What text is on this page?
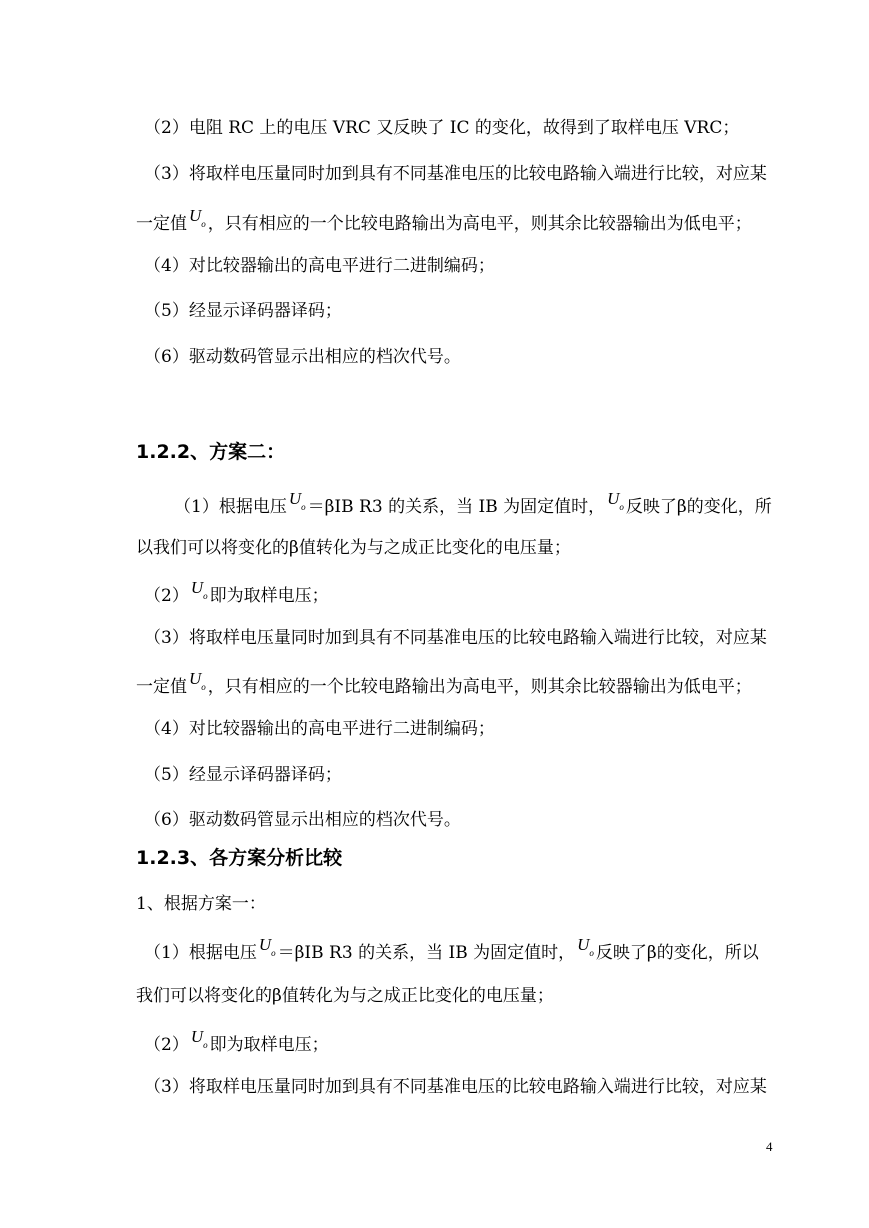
（2）电阻 RC 上的电压 VRC 又反映了 IC 的变化，故得到了取样电压 VRC；
（3）将取样电压量同时加到具有不同基准电压的比较电路输入端进行比较，对应某
一定值 $U_o$ ，只有相应的一个比较电路输出为高电平，则其余比较器输出为低电平；
（4）对比较器输出的高电平进行二进制编码；
（5）经显示译码器译码；
（6）驱动数码管显示出相应的档次代号。
1.2.2、方案二：
（1）根据电压 $U_o =\beta IB$ R3 的关系，当 IB 为固定值时， $U_o$ 反映了β的变化，所
以我们可以将变化的β值转化为与之成正比变化的电压量；
（2） $U_o$ 即为取样电压；
（3）将取样电压量同时加到具有不同基准电压的比较电路输入端进行比较，对应某
一定值 $U_o$ ，只有相应的一个比较电路输出为高电平，则其余比较器输出为低电平；
（4）对比较器输出的高电平进行二进制编码；
（5）经显示译码器译码；
（6）驱动数码管显示出相应的档次代号。
1.2.3、各方案分析比较
1、根据方案一：
（1）根据电压 $U_o =\beta IB$ R3 的关系，当 IB 为固定值时， $U_o$ 反映了β的变化，所以
我们可以将变化的β值转化为与之成正比变化的电压量；
（2） $U_o$ 即为取样电压；
（3）将取样电压量同时加到具有不同基准电压的比较电路输入端进行比较，对应某
4
